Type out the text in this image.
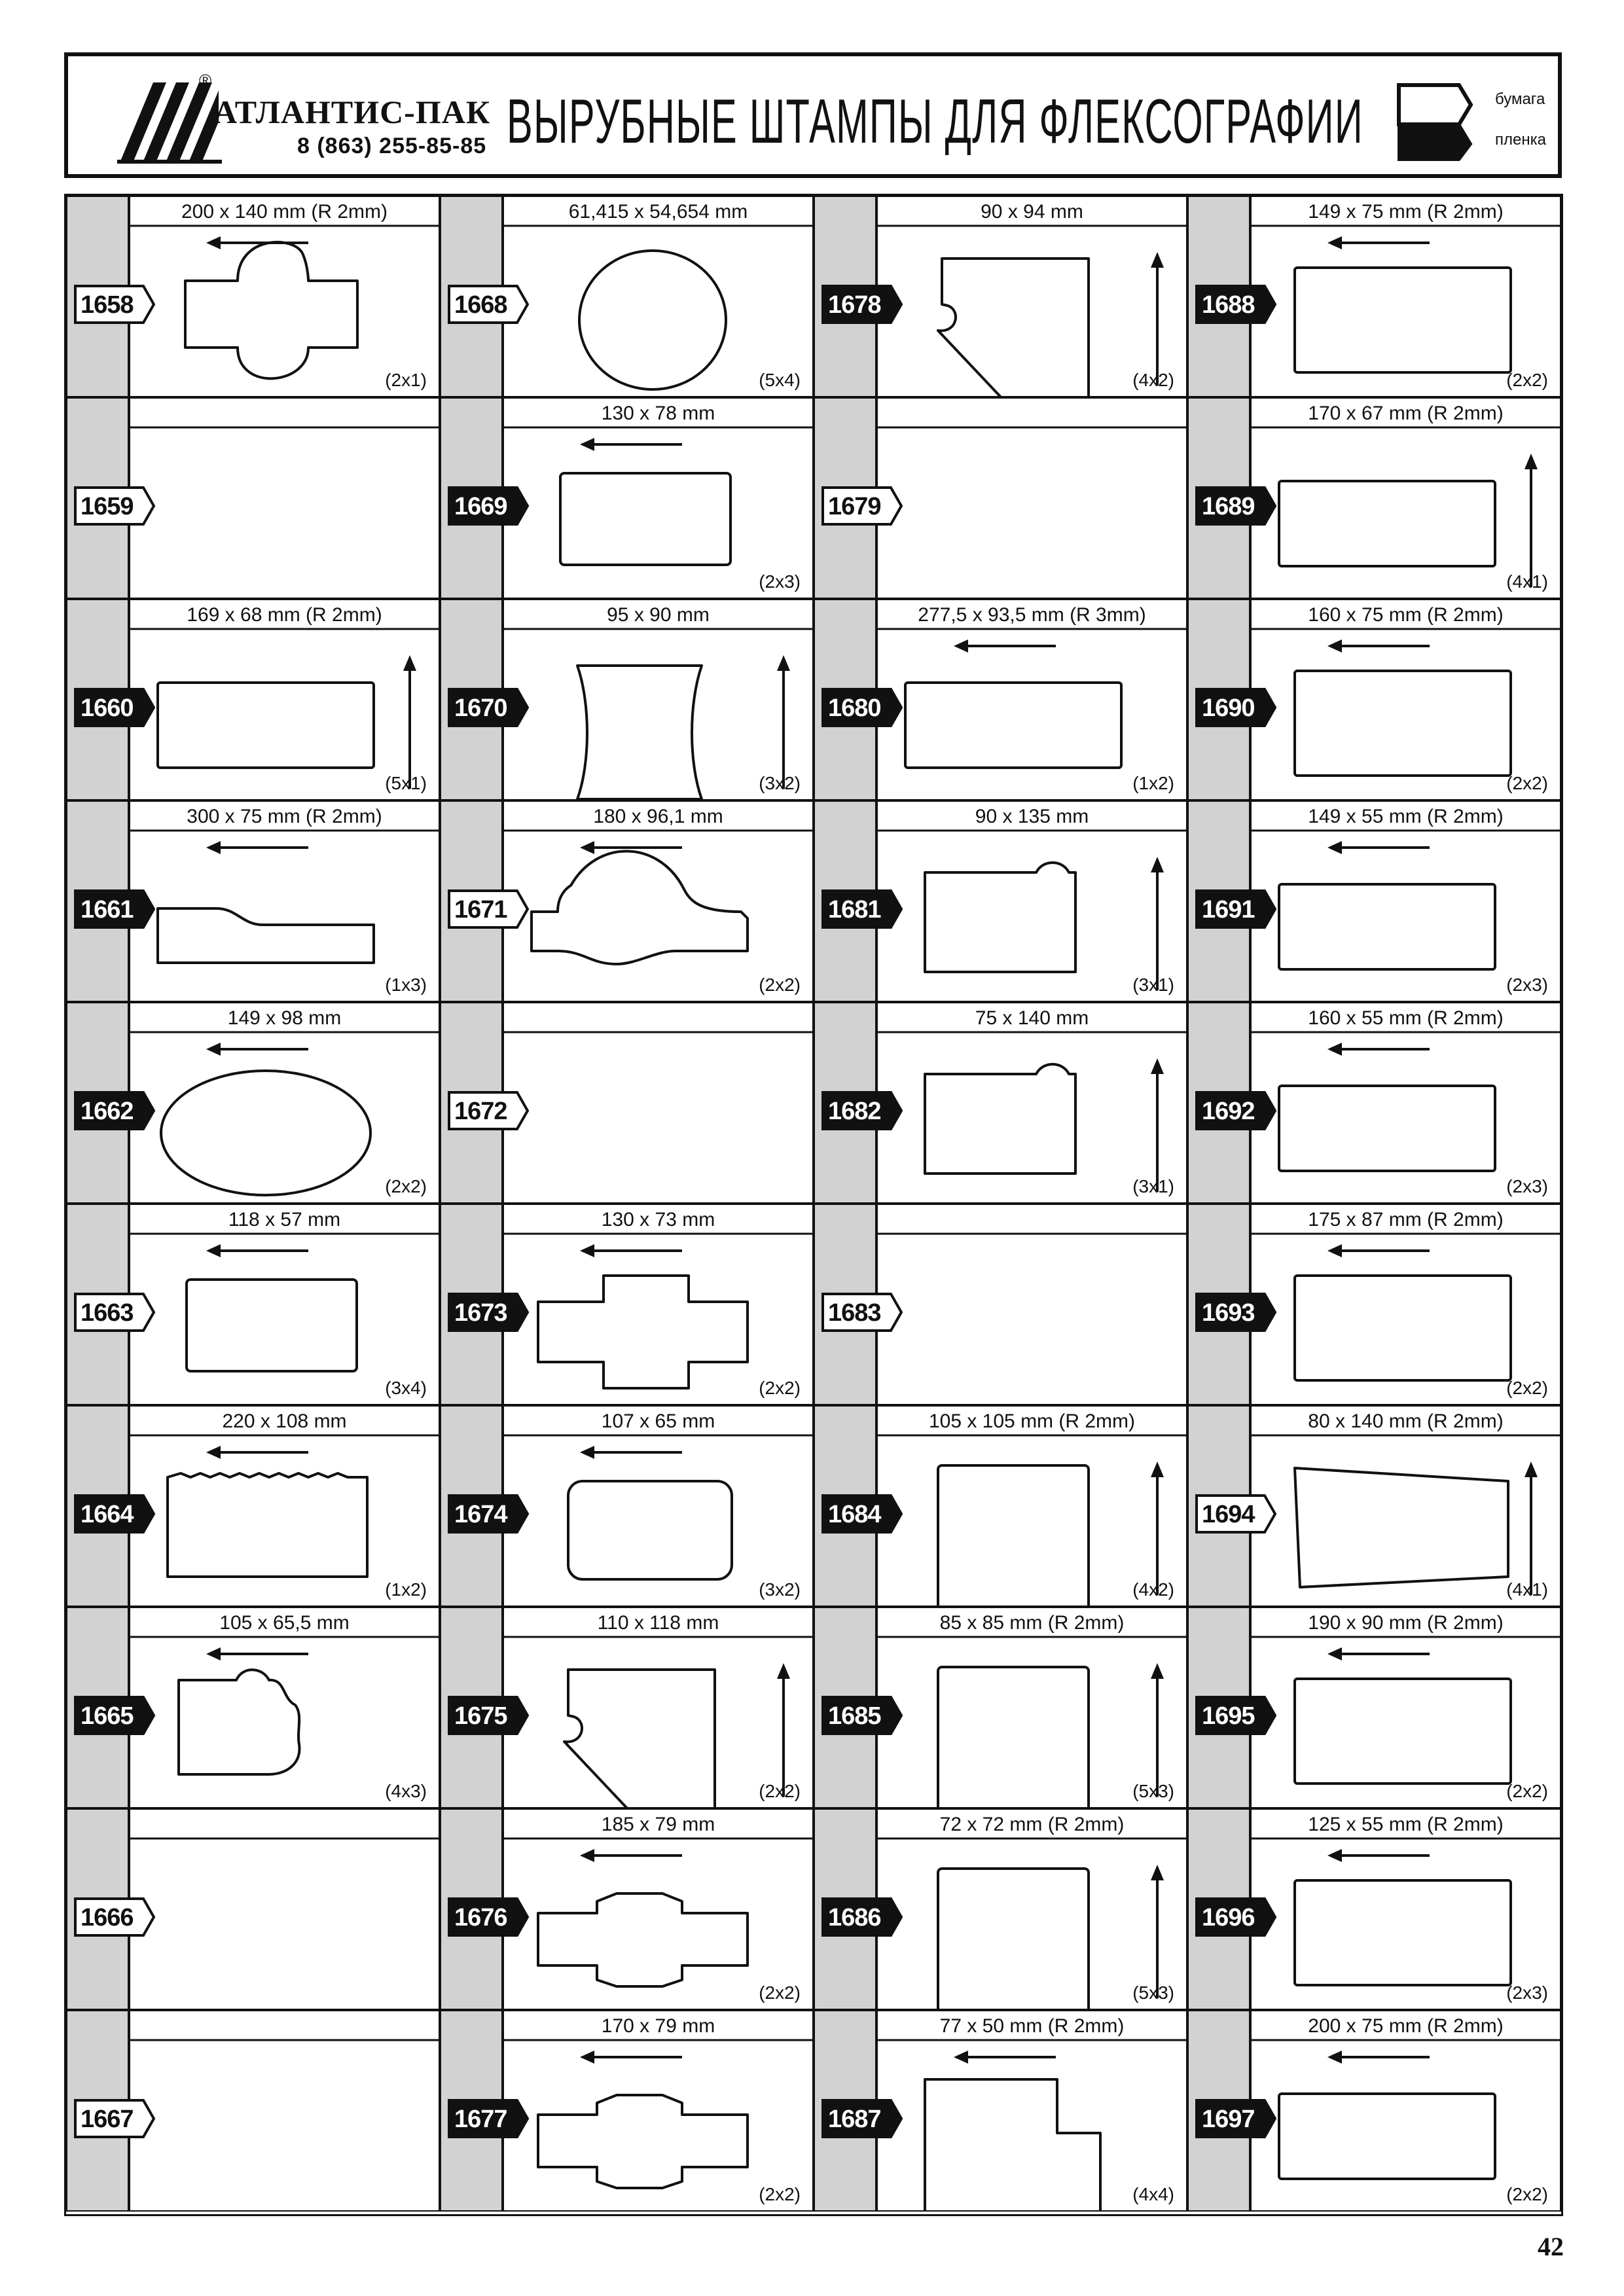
®
АТЛАНТИС-ПАК
8 (863) 255-85-85 ВЫРУБНЫЕ ШТАМПЫ ДЛЯ ФЛЕКСОГРАФИИ	бумага
пленка
1658
200 x 140 mm (R 2mm)
(2x1)
1659
1660
169 x 68 mm (R 2mm)
(5x1)
1661
300 x 75 mm (R 2mm)
(1x3)
1662
149 x 98 mm
(2x2)
1663
118 x 57 mm
(3x4)
1664
220 x 108 mm
(1x2)
1665
105 x 65,5 mm
(4x3)
1666
1667
1668
61,415 x 54,654 mm
(5x4)
1669
130 x 78 mm
(2x3)
1670
95 x 90 mm
(3x2)
1671
180 x 96,1 mm
(2x2)
1672
1673
130 x 73 mm
(2x2)
1674
107 x 65 mm
(3x2)
1675
110 x 118 mm
(2x2)
1676
185 x 79 mm
(2x2)
1677
170 x 79 mm
(2x2)
1678
90 x 94 mm
(4x2)
1679
1680
277,5 x 93,5 mm (R 3mm)
(1x2)
1681
90 x 135 mm
(3x1)
1682
75 x 140 mm
(3x1)
1683
1684
105 x 105 mm (R 2mm)
(4x2)
1685
85 x 85 mm (R 2mm)
(5x3)
1686
72 x 72 mm (R 2mm)
(5x3)
1687
77 x 50 mm (R 2mm)
(4x4)
1688
149 x 75 mm (R 2mm)
(2x2)
1689
170 x 67 mm (R 2mm)
(4x1)
1690
160 x 75 mm (R 2mm)
(2x2)
1691
149 x 55 mm (R 2mm)
(2x3)
1692
160 x 55 mm (R 2mm)
(2x3)
1693
175 x 87 mm (R 2mm)
(2x2)
1694
80 x 140 mm (R 2mm)
(4x1)
1695
190 x 90 mm (R 2mm)
(2x2)
1696
125 x 55 mm (R 2mm)
(2x3)
1697
200 x 75 mm (R 2mm)
(2x2)
42
